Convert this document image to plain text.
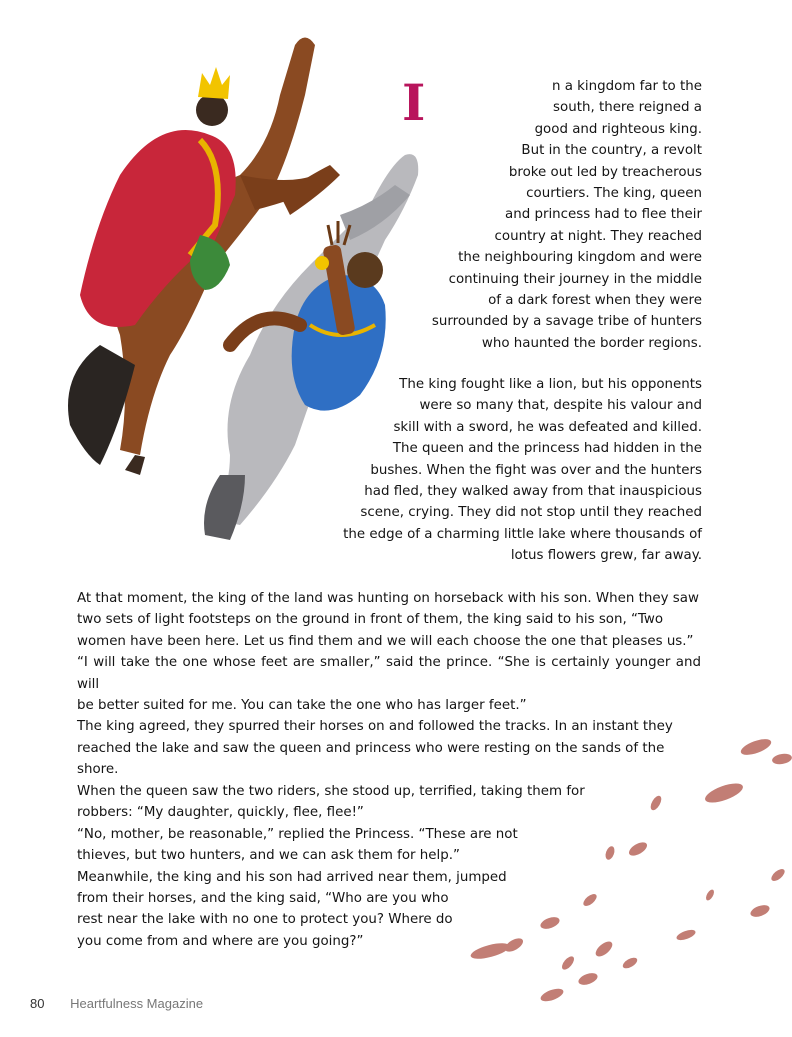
I	n a kingdom far to the
south, there reigned a
good and righteous king.
But in the country, a revolt
broke out led by treacherous
courtiers. The king, queen
and princess had to flee their
country at night. They reached
the neighbouring kingdom and were
continuing their journey in the middle
of a dark forest when they were
surrounded by a savage tribe of hunters
who haunted the border regions.
The king fought like a lion, but his opponents
were so many that, despite his valour and
skill with a sword, he was defeated and killed.
The queen and the princess had hidden in the
bushes. When the fight was over and the hunters
had fled, they walked away from that inauspicious
scene, crying. They did not stop until they reached
the edge of a charming little lake where thousands of
lotus flowers grew, far away.
At that moment, the king of the land was hunting on horseback with his son. When they saw
two sets of light footsteps on the ground in front of them, the king said to his son, “Two
women have been here. Let us find them and we will each choose the one that pleases us.”
“I will take the one whose feet are smaller,” said the prince. “She is certainly younger and will
be better suited for me. You can take the one who has larger feet.”
The king agreed, they spurred their horses on and followed the tracks. In an instant they
reached the lake and saw the queen and princess who were resting on the sands of the
shore.
When the queen saw the two riders, she stood up, terrified, taking them for
robbers: “My daughter, quickly, flee, flee!”
“No, mother, be reasonable,” replied the Princess. “These are not
thieves, but two hunters, and we can ask them for help.”
Meanwhile, the king and his son had arrived near them, jumped
from their horses, and the king said, “Who are you who
rest near the lake with no one to protect you? Where do
you come from and where are you going?”
80 Heartfulness Magazine
